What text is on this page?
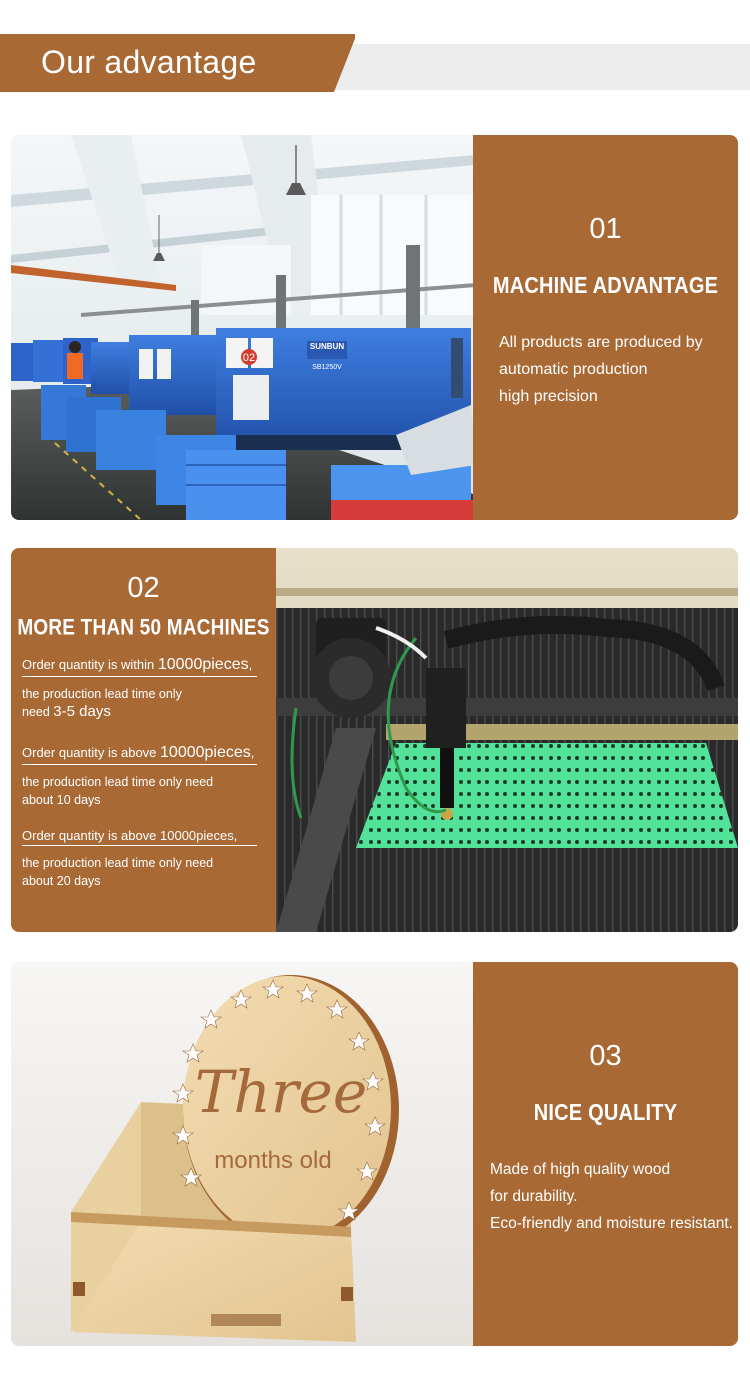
Our advantage
02
SUNBUN
SB1250V
01
MACHINE ADVANTAGE
All products are produced by
automatic production
high precision
02
MORE THAN 50 MACHINES
Order quantity is within 10000pieces,
the production lead time only
need 3-5 days
Order quantity is above 10000pieces,
the production lead time only need
about 10 days
Order quantity is above 10000pieces,
the production lead time only need
about 20 days
Three
months old
03
NICE QUALITY
Made of high quality wood
for durability.
Eco-friendly and moisture resistant.
